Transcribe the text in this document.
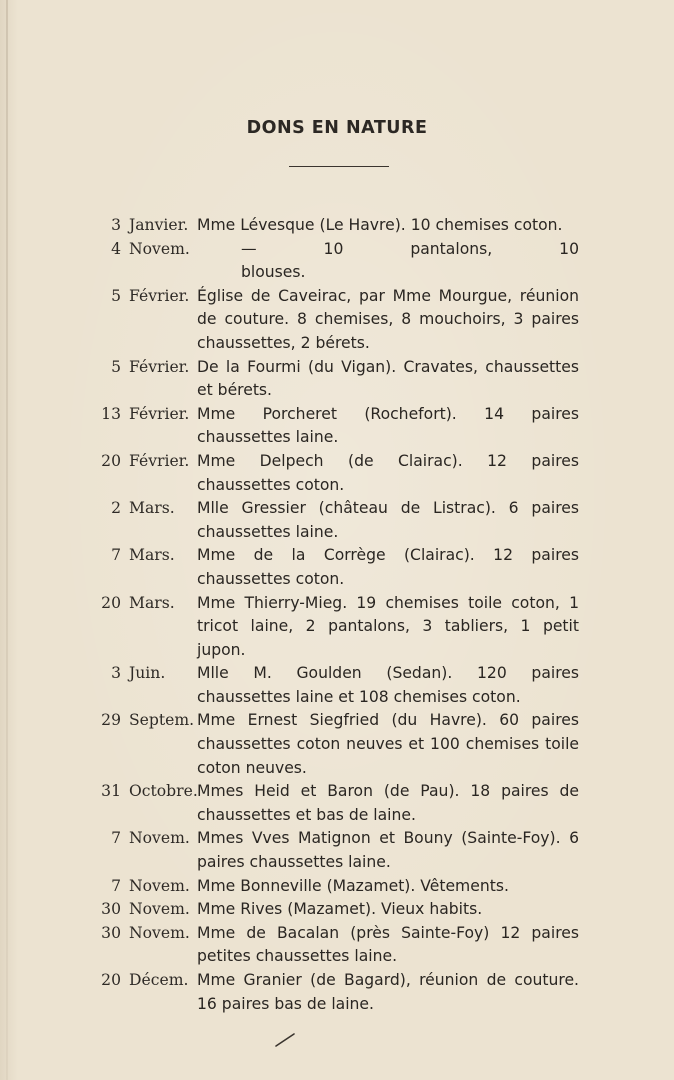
DONS EN NATURE
3 Janvier. Mme Lévesque (Le Havre). 10 chemises coton.
4 Novem.	— 10 pantalons, 10 blouses.
5 Février. Église de Caveirac, par Mme Mourgue, réunion de couture. 8 chemises, 8 mouchoirs, 3 paires chaussettes, 2 bérets.
5 Février. De la Fourmi (du Vigan). Cravates, chaussettes et bérets.
13 Février. Mme Porcheret (Rochefort). 14 paires chaussettes laine.
20 Février. Mme Delpech (de Clairac). 12 paires chaussettes coton.
2 Mars.	Mlle Gressier (château de Listrac). 6 paires chaussettes laine.
7 Mars.	Mme de la Corrège (Clairac). 12 paires chaussettes coton.
20 Mars.	Mme Thierry-Mieg. 19 chemises toile coton, 1 tricot laine, 2 pantalons, 3 tabliers, 1 petit jupon.
3 Juin.	Mlle M. Goulden (Sedan). 120 paires chaussettes laine et 108 chemises coton.
29 Septem. Mme Ernest Siegfried (du Havre). 60 paires chaussettes coton neuves et 100 chemises toile coton neuves.
31 Octobre. Mmes Heid et Baron (de Pau). 18 paires de chaussettes et bas de laine.
7 Novem. Mmes Vves Matignon et Bouny (Sainte-Foy). 6 paires chaussettes laine.
7 Novem. Mme Bonneville (Mazamet). Vêtements.
30 Novem. Mme Rives (Mazamet). Vieux habits.
30 Novem. Mme de Bacalan (près Sainte-Foy) 12 paires petites chaussettes laine.
20 Décem. Mme Granier (de Bagard), réunion de couture. 16 paires bas de laine.
